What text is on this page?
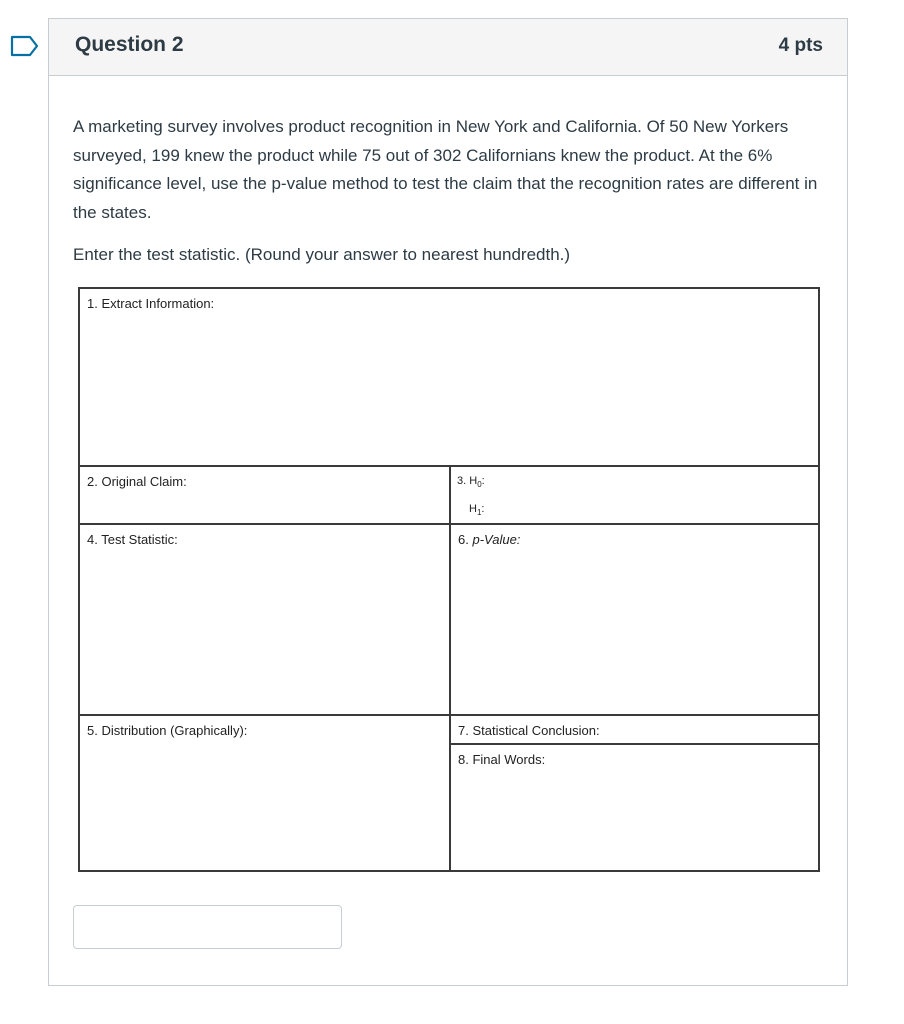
Question 2	4 pts
A marketing survey involves product recognition in New York and California. Of 50 New Yorkers surveyed, 199 knew the product while 75 out of 302 Californians knew the product. At the 6% significance level, use the p-value method to test the claim that the recognition rates are different in the states.
Enter the test statistic. (Round your answer to nearest hundredth.)
1. Extract Information:
2. Original Claim:	3. $H_0$:
$H_1$:
4. Test Statistic:	6. p-Value:
5. Distribution (Graphically):	7. Statistical Conclusion:
8. Final Words:
